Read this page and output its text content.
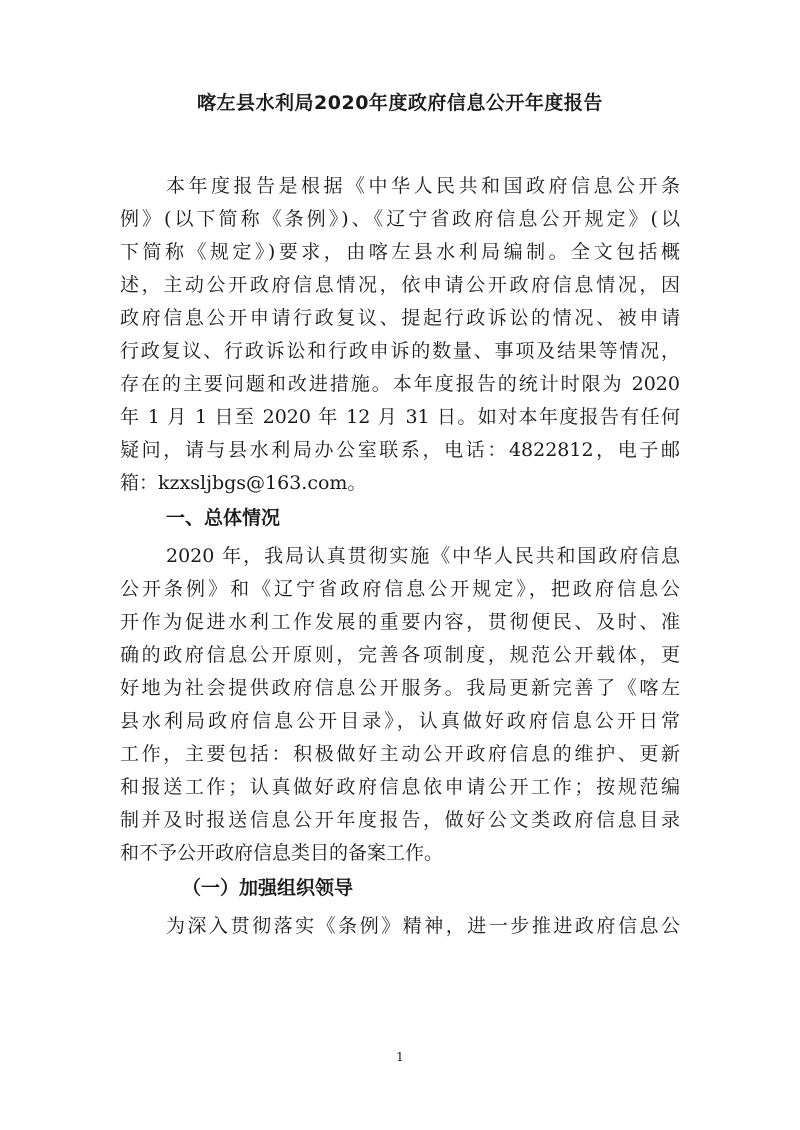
喀左县水利局2020年度政府信息公开年度报告

本年度报告是根据《中华人民共和国政府信息公开条

例》(以下简称《条例》)、《辽宁省政府信息公开规定》(以

下简称《规定》)要求，由喀左县水利局编制。全文包括概

述，主动公开政府信息情况，依申请公开政府信息情况，因

政府信息公开申请行政复议、提起行政诉讼的情况、被申请

行政复议、行政诉讼和行政申诉的数量、事项及结果等情况，

存在的主要问题和改进措施。本年度报告的统计时限为 2020

年 1 月 1 日至 2020 年 12 月 31 日。如对本年度报告有任何

疑问，请与县水利局办公室联系，电话：4822812，电子邮

箱：kzxsljbgs@163.com。

一、总体情况

2020 年，我局认真贯彻实施《中华人民共和国政府信息

公开条例》和《辽宁省政府信息公开规定》，把政府信息公

开作为促进水利工作发展的重要内容，贯彻便民、及时、准

确的政府信息公开原则，完善各项制度，规范公开载体，更

好地为社会提供政府信息公开服务。我局更新完善了《喀左

县水利局政府信息公开目录》，认真做好政府信息公开日常

工作，主要包括：积极做好主动公开政府信息的维护、更新

和报送工作；认真做好政府信息依申请公开工作；按规范编

制并及时报送信息公开年度报告，做好公文类政府信息目录

和不予公开政府信息类目的备案工作。

（一）加强组织领导

为深入贯彻落实《条例》精神，进一步推进政府信息公

1
